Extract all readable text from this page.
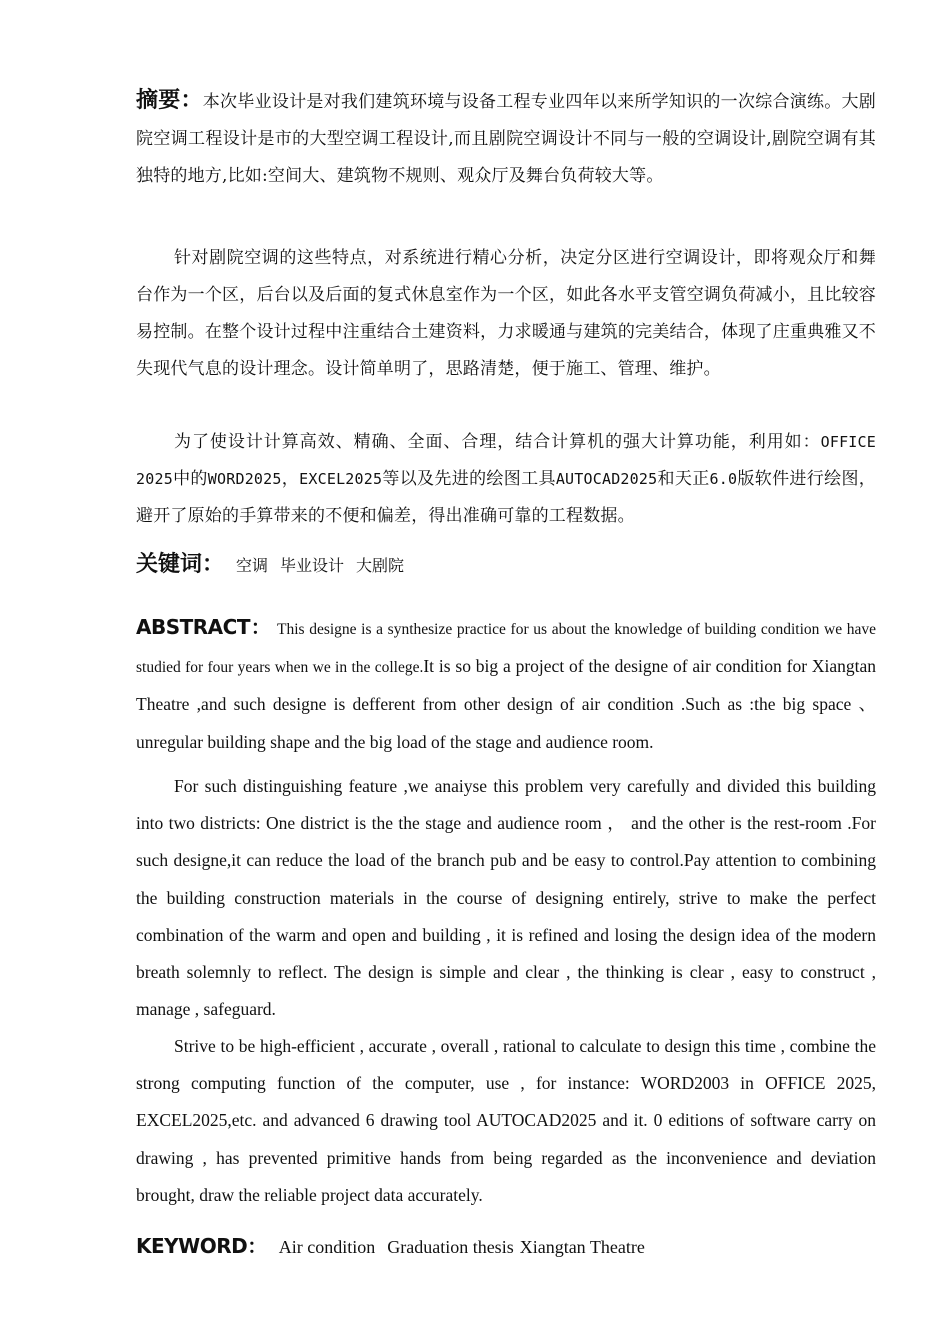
摘要：本次毕业设计是对我们建筑环境与设备工程专业四年以来所学知识的一次综合演练。大剧院空调工程设计是市的大型空调工程设计,而且剧院空调设计不同与一般的空调设计,剧院空调有其独特的地方,比如:空间大、建筑物不规则、观众厅及舞台负荷较大等。

针对剧院空调的这些特点，对系统进行精心分析，决定分区进行空调设计，即将观众厅和舞台作为一个区，后台以及后面的复式休息室作为一个区，如此各水平支管空调负荷减小，且比较容易控制。在整个设计过程中注重结合土建资料，力求暖通与建筑的完美结合，体现了庄重典雅又不失现代气息的设计理念。设计简单明了，思路清楚，便于施工、管理、维护。

为了使设计计算高效、精确、全面、合理，结合计算机的强大计算功能，利用如：OFFICE 2025中的WORD2025，EXCEL2025等以及先进的绘图工具AUTOCAD2025和天正6.0版软件进行绘图，避开了原始的手算带来的不便和偏差，得出准确可靠的工程数据。

关键词： 空调 毕业设计 大剧院

ABSTRACT： This designe is a synthesize practice for us about the knowledge of building condition we have studied for four years when we in the college.It is so big a project of the designe of air condition for Xiangtan Theatre ,and such designe is defferent from other design of air condition .Such as :the big space 、unregular building shape and the big load of the stage and audience room.

For such distinguishing feature ,we anaiyse this problem very carefully and divided this building into two districts: One district is the the stage and audience room ， and the other is the rest-room .For such designe,it can reduce the load of the branch pub and be easy to control.Pay attention to combining the building construction materials in the course of designing entirely, strive to make the perfect combination of the warm and open and building , it is refined and losing the design idea of the modern breath solemnly to reflect. The design is simple and clear , the thinking is clear , easy to construct , manage , safeguard.

Strive to be high-efficient , accurate , overall , rational to calculate to design this time , combine the strong computing function of the computer, use , for instance: WORD2003 in OFFICE 2025, EXCEL2025,etc. and advanced 6 drawing tool AUTOCAD2025 and it. 0 editions of software carry on drawing , has prevented primitive hands from being regarded as the inconvenience and deviation brought, draw the reliable project data accurately.

KEYWORD： Air condition Graduation thesis Xiangtan Theatre
